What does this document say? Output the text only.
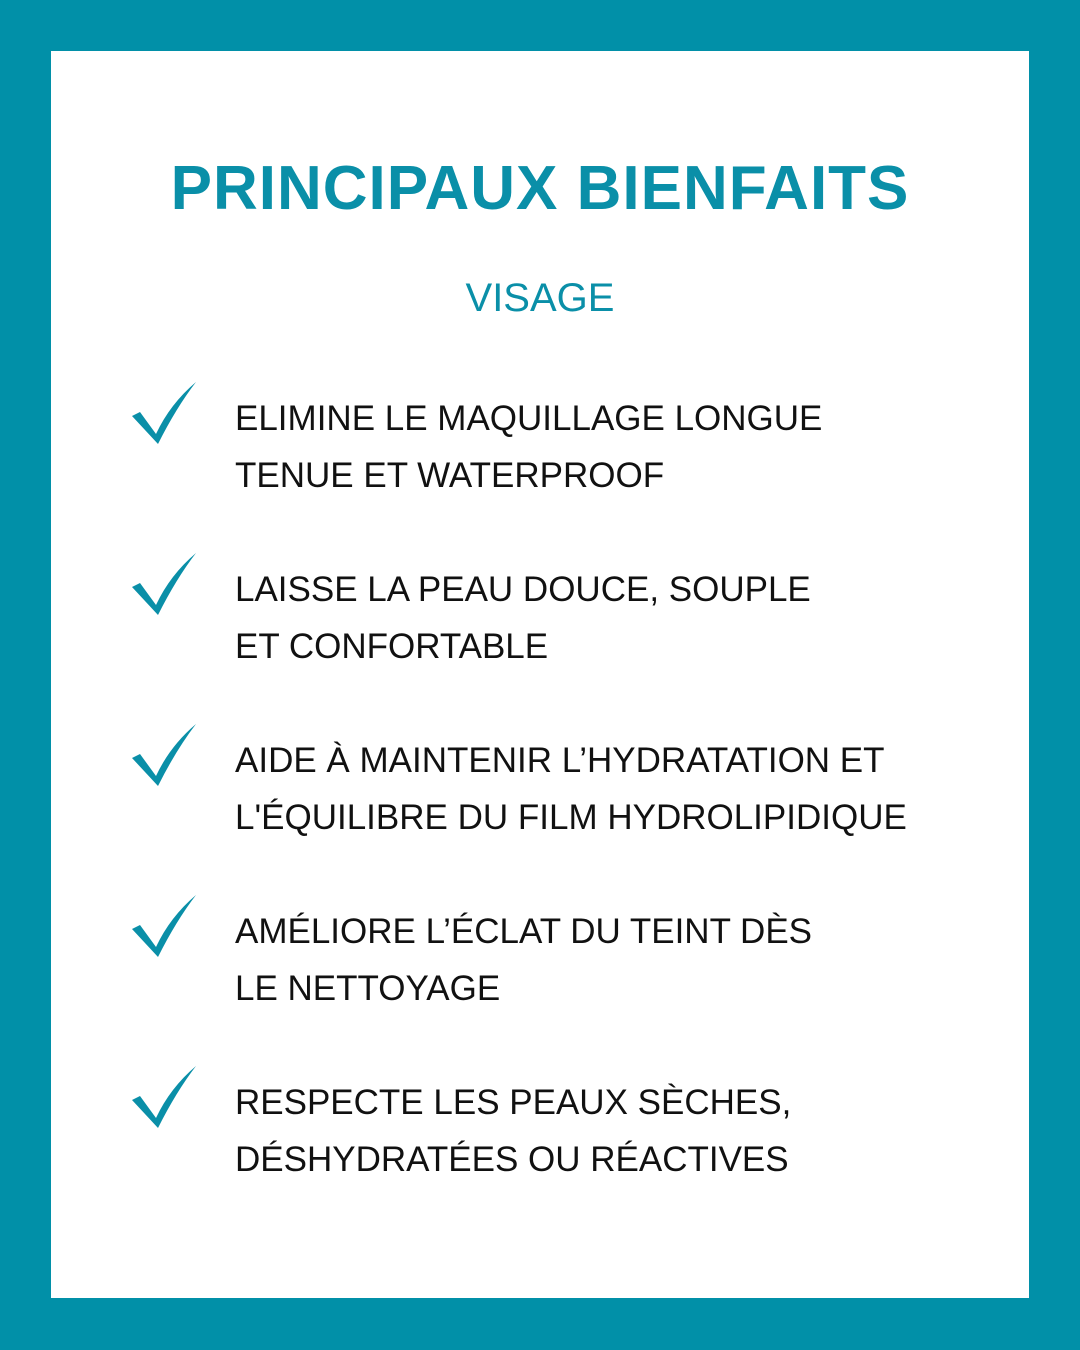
PRINCIPAUX BIENFAITS
VISAGE
ELIMINE LE MAQUILLAGE LONGUE
TENUE ET WATERPROOF
LAISSE LA PEAU DOUCE, SOUPLE
ET CONFORTABLE
AIDE À MAINTENIR L’HYDRATATION ET
L'ÉQUILIBRE DU FILM HYDROLIPIDIQUE
AMÉLIORE L’ÉCLAT DU TEINT DÈS
LE NETTOYAGE
RESPECTE LES PEAUX SÈCHES,
DÉSHYDRATÉES OU RÉACTIVES
